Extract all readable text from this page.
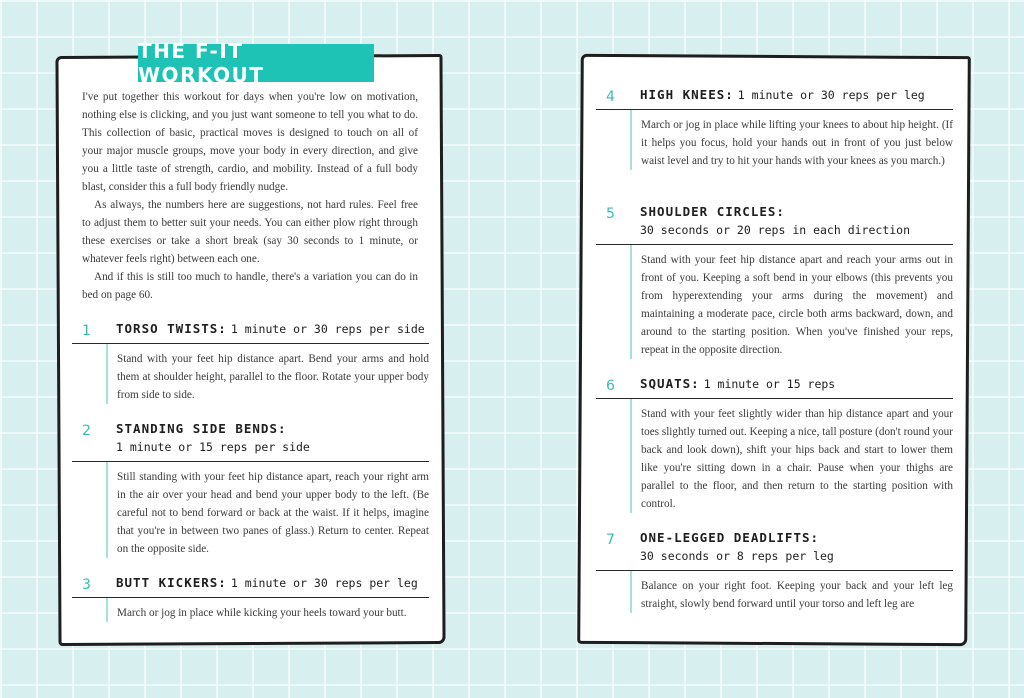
THE F-IT WORKOUT

I've put together this workout for days when you're low on motivation, nothing else is clicking, and you just want someone to tell you what to do. This collection of basic, practical moves is designed to touch on all of your major muscle groups, move your body in every direction, and give you a little taste of strength, cardio, and mobility. Instead of a full body blast, consider this a full body friendly nudge.

As always, the numbers here are suggestions, not hard rules. Feel free to adjust them to better suit your needs. You can either plow right through these exercises or take a short break (say 30 seconds to 1 minute, or whatever feels right) between each one.

And if this is still too much to handle, there's a variation you can do in bed on page 60.

1	TORSO TWISTS: 1 minute or 30 reps per side
Stand with your feet hip distance apart. Bend your arms and hold them at shoulder height, parallel to the floor. Rotate your upper body from side to side.
2	STANDING SIDE BENDS:
1 minute or 15 reps per side
Still standing with your feet hip distance apart, reach your right arm in the air over your head and bend your upper body to the left. (Be careful not to bend forward or back at the waist. If it helps, imagine that you're in between two panes of glass.) Return to center. Repeat on the opposite side.
3	BUTT KICKERS: 1 minute or 30 reps per leg
March or jog in place while kicking your heels toward your butt.
4	HIGH KNEES: 1 minute or 30 reps per leg
March or jog in place while lifting your knees to about hip height. (If it helps you focus, hold your hands out in front of you just below waist level and try to hit your hands with your knees as you march.)
5	SHOULDER CIRCLES:
30 seconds or 20 reps in each direction
Stand with your feet hip distance apart and reach your arms out in front of you. Keeping a soft bend in your elbows (this prevents you from hyperextending your arms during the movement) and maintaining a moderate pace, circle both arms backward, down, and around to the starting position. When you've finished your reps, repeat in the opposite direction.
6	SQUATS: 1 minute or 15 reps
Stand with your feet slightly wider than hip distance apart and your toes slightly turned out. Keeping a nice, tall posture (don't round your back and look down), shift your hips back and start to lower them like you're sitting down in a chair. Pause when your thighs are parallel to the floor, and then return to the starting position with control.
7	ONE-LEGGED DEADLIFTS:
30 seconds or 8 reps per leg
Balance on your right foot. Keeping your back and your left leg straight, slowly bend forward until your torso and left leg are
